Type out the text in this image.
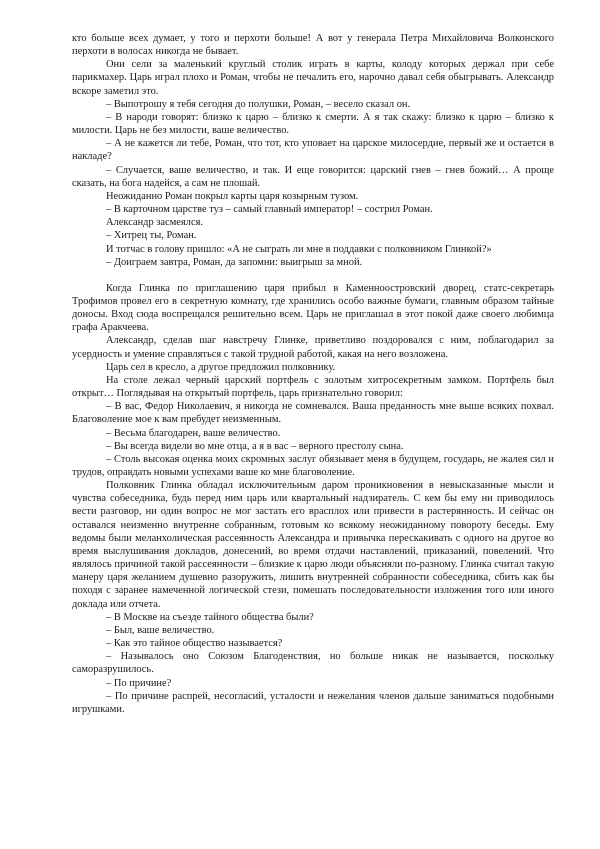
кто больше всех думает, у того и перхоти больше! А вот у генерала Петра Михайловича Волконского перхоти в волосах никогда не бывает.

Они сели за маленький круглый столик играть в карты, колоду которых держал при себе парикмахер. Царь играл плохо и Роман, чтобы не печалить его, нарочно давал себя обыгрывать. Александр вскоре заметил это.

– Выпотрошу я тебя сегодня до полушки, Роман, – весело сказал он.

– В народи говорят: близко к царю – близко к смерти. А я так скажу: близко к царю – близко к милости. Царь не без милости, ваше величество.

– А не кажется ли тебе, Роман, что тот, кто уповает на царское милосердие, первый же и остается в накладе?

– Случается, ваше величество, и так. И еще говорится: царский гнев – гнев божий… А проще сказать, на бога надейся, а сам не плошай.

Неожиданно Роман покрыл карты царя козырным тузом.

– В карточном царстве туз – самый главный император! – сострил Роман.

Александр засмеялся.

– Хитрец ты, Роман.

И тотчас в голову пришло: «А не сыграть ли мне в поддавки с полковником Глинкой?»

– Доиграем завтра, Роман, да запомни: выигрыш за мной.

Когда Глинка по приглашению царя прибыл в Каменноостровский дворец, статс-секретарь Трофимов провел его в секретную комнату, где хранились особо важные бумаги, главным образом тайные доносы. Вход сюда воспрещался решительно всем. Царь не приглашал в этот покой даже своего любимца графа Аракчеева.

Александр, сделав шаг навстречу Глинке, приветливо поздоровался с ним, поблагодарил за усердность и умение справляться с такой трудной работой, какая на него возложена.

Царь сел в кресло, а другое предложил полковнику.

На столе лежал черный царский портфель с золотым хитросекретным замком. Портфель был открыт… Поглядывая на открытый портфель, царь признательно говорил:

– В вас, Федор Николаевич, я никогда не сомневался. Ваша преданность мне выше всяких похвал. Благоволение мое к вам пребудет неизменным.

– Весьма благодарен, ваше величество.

– Вы всегда видели во мне отца, а я в вас – верного престолу сына.

– Столь высокая оценка моих скромных заслуг обязывает меня в будущем, государь, не жалея сил и трудов, оправдать новыми успехами ваше ко мне благоволение.

Полковник Глинка обладал исключительным даром проникновения в невысказанные мысли и чувства собеседника, будь перед ним царь или квартальный надзиратель. С кем бы ему ни приводилось вести разговор, ни один вопрос не мог застать его врасплох или привести в растерянность. И сейчас он оставался неизменно внутренне собранным, готовым ко всякому неожиданному повороту беседы. Ему ведомы были меланхолическая рассеянность Александра и привычка перескакивать с одного на другое во время выслушивания докладов, донесений, во время отдачи наставлений, приказаний, повелений. Что являлось причиной такой рассеянности – близкие к царю люди объясняли по-разному. Глинка считал такую манеру царя желанием душевно разоружить, лишить внутренней собранности собеседника, сбить как бы походя с заранее намеченной логической стези, помешать последовательности изложения того или иного доклада или отчета.

– В Москве на съезде тайного общества были?

– Был, ваше величество.

– Как это тайное общество называется?

– Называлось оно Союзом Благоденствия, но больше никак не называется, поскольку саморазрушилось.

– По причине?

– По причине распрей, несогласий, усталости и нежелания членов дальше заниматься подобными игрушками.
